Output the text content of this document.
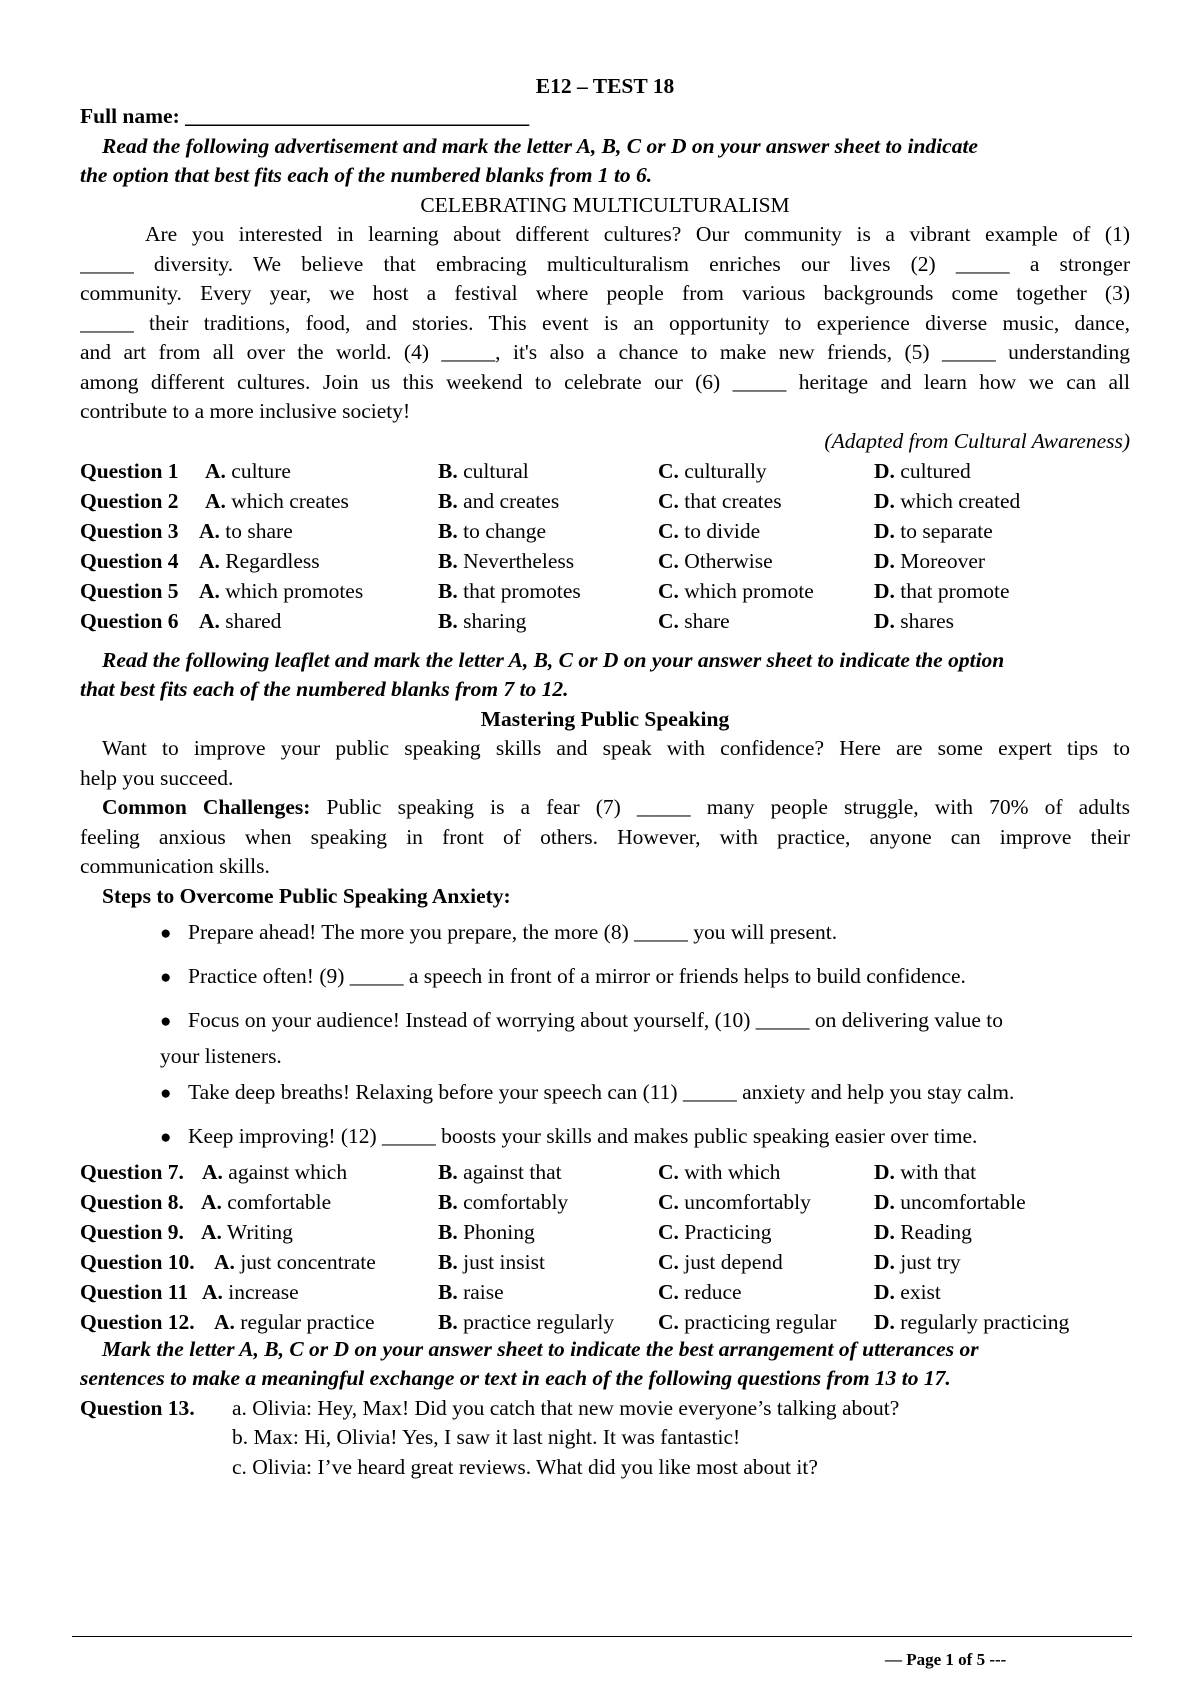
E12 – TEST 18
Full name: ________________________________
Read the following advertisement and mark the letter A, B, C or D on your answer sheet to indicate
the option that best fits each of the numbered blanks from 1 to 6.
CELEBRATING MULTICULTURALISM
Are you interested in learning about different cultures? Our community is a vibrant example of (1)
_____ diversity. We believe that embracing multiculturalism enriches our lives (2) _____ a stronger
community. Every year, we host a festival where people from various backgrounds come together (3)
_____ their traditions, food, and stories. This event is an opportunity to experience diverse music, dance,
and art from all over the world. (4) _____, it's also a chance to make new friends, (5) _____ understanding
among different cultures. Join us this weekend to celebrate our (6) _____ heritage and learn how we can all
contribute to a more inclusive society!
(Adapted from Cultural Awareness)
Question 1 A. culture	B. cultural	C. culturally	D. cultured
Question 2 A. which creates	B. and creates	C. that creates	D. which created
Question 3 A. to share	B. to change	C. to divide	D. to separate
Question 4 A. Regardless	B. Nevertheless	C. Otherwise	D. Moreover
Question 5 A. which promotes	B. that promotes	C. which promote	D. that promote
Question 6 A. shared	B. sharing	C. share	D. shares
Read the following leaflet and mark the letter A, B, C or D on your answer sheet to indicate the option
that best fits each of the numbered blanks from 7 to 12.
Mastering Public Speaking
Want to improve your public speaking skills and speak with confidence? Here are some expert tips to
help you succeed.
Common Challenges: Public speaking is a fear (7) _____ many people struggle, with 70% of adults
feeling anxious when speaking in front of others. However, with practice, anyone can improve their
communication skills.
Steps to Overcome Public Speaking Anxiety:
● Prepare ahead! The more you prepare, the more (8) _____ you will present.
● Practice often! (9) _____ a speech in front of a mirror or friends helps to build confidence.
● Focus on your audience! Instead of worrying about yourself, (10) _____ on delivering value to
your listeners.
● Take deep breaths! Relaxing before your speech can (11) _____ anxiety and help you stay calm.
● Keep improving! (12) _____ boosts your skills and makes public speaking easier over time.
Question 7. A. against which	B. against that	C. with which	D. with that
Question 8. A. comfortable	B. comfortably	C. uncomfortably	D. uncomfortable
Question 9. A. Writing	B. Phoning	C. Practicing	D. Reading
Question 10. A. just concentrate	B. just insist	C. just depend	D. just try
Question 11 A. increase	B. raise	C. reduce	D. exist
Question 12. A. regular practice	B. practice regularly C. practicing regular D. regularly practicing
Mark the letter A, B, C or D on your answer sheet to indicate the best arrangement of utterances or
sentences to make a meaningful exchange or text in each of the following questions from 13 to 17.
Question 13. a. Olivia: Hey, Max! Did you catch that new movie everyone’s talking about?
b. Max: Hi, Olivia! Yes, I saw it last night. It was fantastic!
c. Olivia: I’ve heard great reviews. What did you like most about it?
— Page 1 of 5 ---
